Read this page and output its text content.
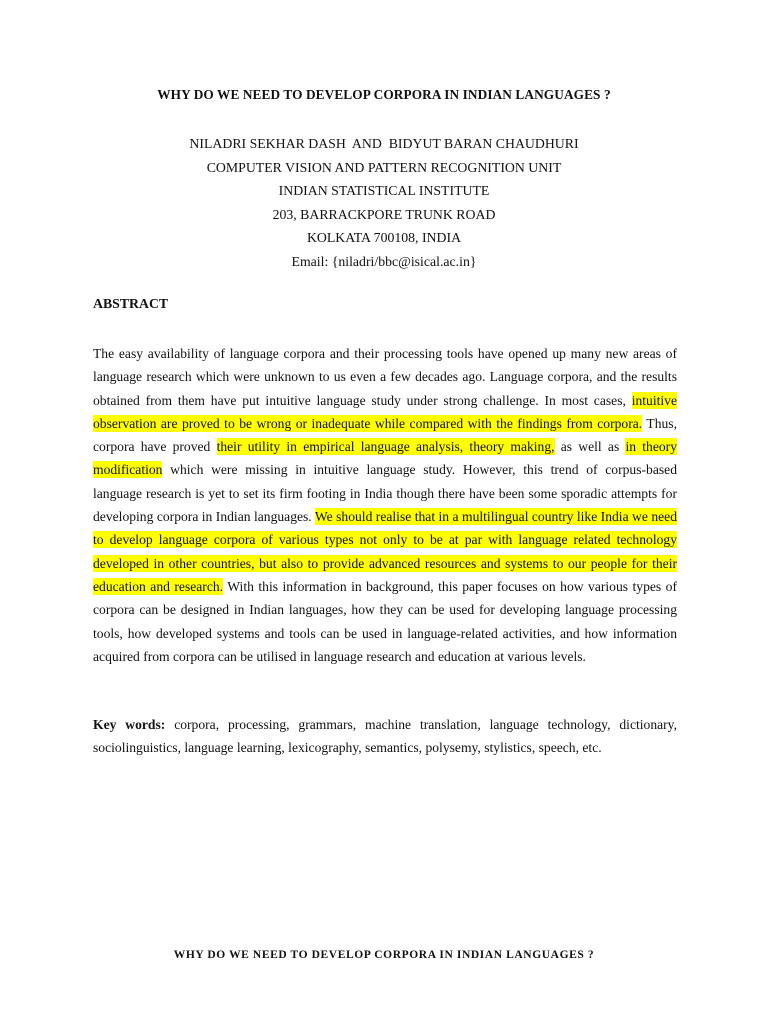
WHY DO WE NEED TO DEVELOP CORPORA IN INDIAN LANGUAGES ?
NILADRI SEKHAR DASH  AND  BIDYUT BARAN CHAUDHURI
COMPUTER VISION AND PATTERN RECOGNITION UNIT
INDIAN STATISTICAL INSTITUTE
203, BARRACKPORE TRUNK ROAD
KOLKATA 700108, INDIA
Email: {niladri/bbc@isical.ac.in}
ABSTRACT

The easy availability of language corpora and their processing tools have opened up many new areas of language research which were unknown to us even a few decades ago. Language corpora, and the results obtained from them have put intuitive language study under strong challenge. In most cases, intuitive observation are proved to be wrong or inadequate while compared with the findings from corpora. Thus, corpora have proved their utility in empirical language analysis, theory making, as well as in theory modification which were missing in intuitive language study. However, this trend of corpus-based language research is yet to set its firm footing in India though there have been some sporadic attempts for developing corpora in Indian languages. We should realise that in a multilingual country like India we need to develop language corpora of various types not only to be at par with language related technology developed in other countries, but also to provide advanced resources and systems to our people for their education and research. With this information in background, this paper focuses on how various types of corpora can be designed in Indian languages, how they can be used for developing language processing tools, how developed systems and tools can be used in language-related activities, and how information acquired from corpora can be utilised in language research and education at various levels.

Key words: corpora, processing, grammars, machine translation, language technology, dictionary, sociolinguistics, language learning, lexicography, semantics, polysemy, stylistics, speech, etc.
WHY DO WE NEED TO DEVELOP CORPORA IN INDIAN LANGUAGES ?
